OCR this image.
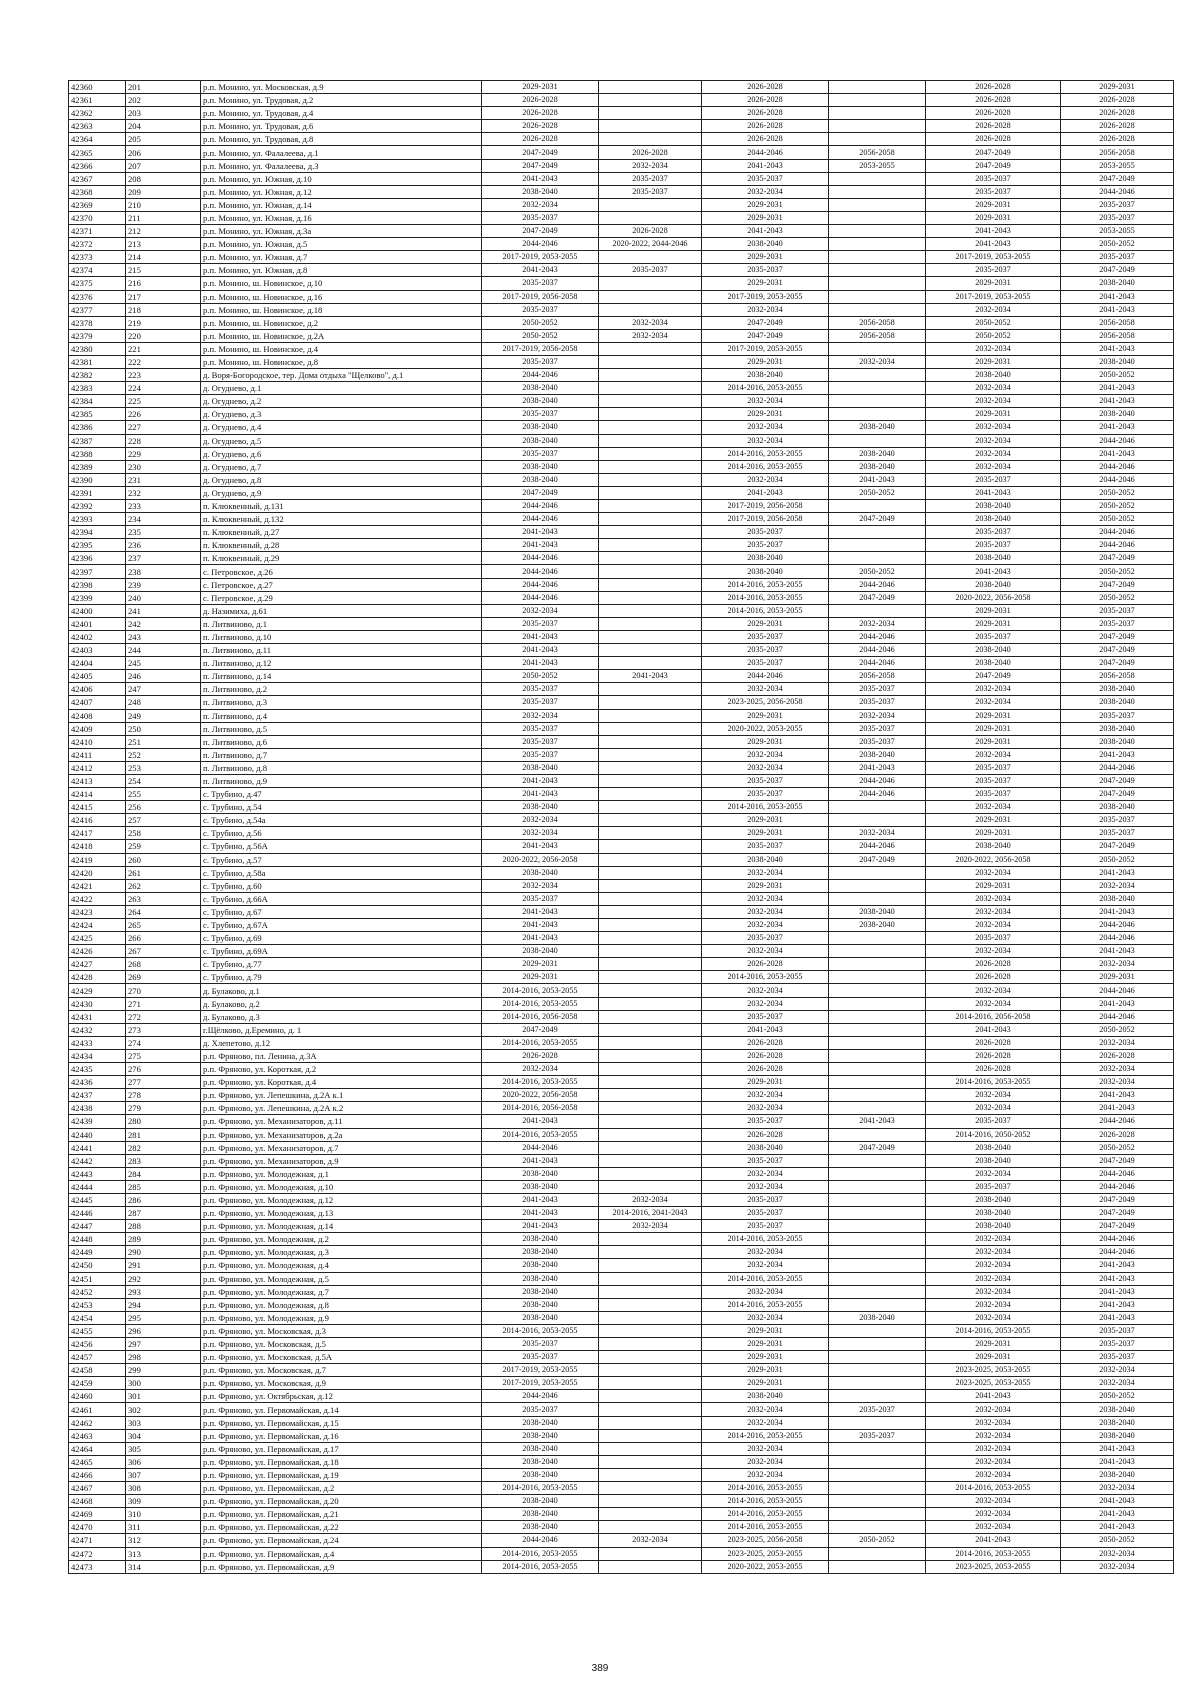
42360	201	р.п. Монино, ул. Московская, д.9	2029-2031		2026-2028		2026-2028	2029-2031
42361	202	р.п. Монино, ул. Трудовая, д.2	2026-2028		2026-2028		2026-2028	2026-2028
42362	203	р.п. Монино, ул. Трудовая, д.4	2026-2028		2026-2028		2026-2028	2026-2028
42363	204	р.п. Монино, ул. Трудовая, д.6	2026-2028		2026-2028		2026-2028	2026-2028
42364	205	р.п. Монино, ул. Трудовая, д.8	2026-2028		2026-2028		2026-2028	2026-2028
42365	206	р.п. Монино, ул. Фалалеева, д.1	2047-2049	2026-2028	2044-2046	2056-2058	2047-2049	2056-2058
42366	207	р.п. Монино, ул. Фалалеева, д.3	2047-2049	2032-2034	2041-2043	2053-2055	2047-2049	2053-2055
42367	208	р.п. Монино, ул. Южная, д.10	2041-2043	2035-2037	2035-2037		2035-2037	2047-2049
42368	209	р.п. Монино, ул. Южная, д.12	2038-2040	2035-2037	2032-2034		2035-2037	2044-2046
42369	210	р.п. Монино, ул. Южная, д.14	2032-2034		2029-2031		2029-2031	2035-2037
42370	211	р.п. Монино, ул. Южная, д.16	2035-2037		2029-2031		2029-2031	2035-2037
42371	212	р.п. Монино, ул. Южная, д.3а	2047-2049	2026-2028	2041-2043		2041-2043	2053-2055
42372	213	р.п. Монино, ул. Южная, д.5	2044-2046	2020-2022, 2044-2046	2038-2040		2041-2043	2050-2052
42373	214	р.п. Монино, ул. Южная, д.7	2017-2019, 2053-2055		2029-2031		2017-2019, 2053-2055	2035-2037
42374	215	р.п. Монино, ул. Южная, д.8	2041-2043	2035-2037	2035-2037		2035-2037	2047-2049
42375	216	р.п. Монино, ш. Новинское, д.10	2035-2037		2029-2031		2029-2031	2038-2040
42376	217	р.п. Монино, ш. Новинское, д.16	2017-2019, 2056-2058		2017-2019, 2053-2055		2017-2019, 2053-2055	2041-2043
42377	218	р.п. Монино, ш. Новинское, д.18	2035-2037		2032-2034		2032-2034	2041-2043
42378	219	р.п. Монино, ш. Новинское, д.2	2050-2052	2032-2034	2047-2049	2056-2058	2050-2052	2056-2058
42379	220	р.п. Монино, ш. Новинское, д.2А	2050-2052	2032-2034	2047-2049	2056-2058	2050-2052	2056-2058
42380	221	р.п. Монино, ш. Новинское, д.4	2017-2019, 2056-2058		2017-2019, 2053-2055		2032-2034	2041-2043
42381	222	р.п. Монино, ш. Новинское, д.8	2035-2037		2029-2031	2032-2034	2029-2031	2038-2040
42382	223	д. Воря-Богородское, тер. Дома отдыха "Щелково", д.1	2044-2046		2038-2040		2038-2040	2050-2052
42383	224	д. Огуднево, д.1	2038-2040		2014-2016, 2053-2055		2032-2034	2041-2043
42384	225	д. Огуднево, д.2	2038-2040		2032-2034		2032-2034	2041-2043
42385	226	д. Огуднево, д.3	2035-2037		2029-2031		2029-2031	2038-2040
42386	227	д. Огуднево, д.4	2038-2040		2032-2034	2038-2040	2032-2034	2041-2043
42387	228	д. Огуднево, д.5	2038-2040		2032-2034		2032-2034	2044-2046
42388	229	д. Огуднево, д.6	2035-2037		2014-2016, 2053-2055	2038-2040	2032-2034	2041-2043
42389	230	д. Огуднево, д.7	2038-2040		2014-2016, 2053-2055	2038-2040	2032-2034	2044-2046
42390	231	д. Огуднево, д.8	2038-2040		2032-2034	2041-2043	2035-2037	2044-2046
42391	232	д. Огуднево, д.9	2047-2049		2041-2043	2050-2052	2041-2043	2050-2052
42392	233	п. Клюквенный, д.131	2044-2046		2017-2019, 2056-2058		2038-2040	2050-2052
42393	234	п. Клюквенный, д.132	2044-2046		2017-2019, 2056-2058	2047-2049	2038-2040	2050-2052
42394	235	п. Клюквенный, д.27	2041-2043		2035-2037		2035-2037	2044-2046
42395	236	п. Клюквенный, д.28	2041-2043		2035-2037		2035-2037	2044-2046
42396	237	п. Клюквенный, д.29	2044-2046		2038-2040		2038-2040	2047-2049
42397	238	с. Петровское, д.26	2044-2046		2038-2040	2050-2052	2041-2043	2050-2052
42398	239	с. Петровское, д.27	2044-2046		2014-2016, 2053-2055	2044-2046	2038-2040	2047-2049
42399	240	с. Петровское, д.29	2044-2046		2014-2016, 2053-2055	2047-2049	2020-2022, 2056-2058	2050-2052
42400	241	д. Назимиха, д.61	2032-2034		2014-2016, 2053-2055		2029-2031	2035-2037
42401	242	п. Литвиново, д.1	2035-2037		2029-2031	2032-2034	2029-2031	2035-2037
42402	243	п. Литвиново, д.10	2041-2043		2035-2037	2044-2046	2035-2037	2047-2049
42403	244	п. Литвиново, д.11	2041-2043		2035-2037	2044-2046	2038-2040	2047-2049
42404	245	п. Литвиново, д.12	2041-2043		2035-2037	2044-2046	2038-2040	2047-2049
42405	246	п. Литвиново, д.14	2050-2052	2041-2043	2044-2046	2056-2058	2047-2049	2056-2058
42406	247	п. Литвиново, д.2	2035-2037		2032-2034	2035-2037	2032-2034	2038-2040
42407	248	п. Литвиново, д.3	2035-2037		2023-2025, 2056-2058	2035-2037	2032-2034	2038-2040
42408	249	п. Литвиново, д.4	2032-2034		2029-2031	2032-2034	2029-2031	2035-2037
42409	250	п. Литвиново, д.5	2035-2037		2020-2022, 2053-2055	2035-2037	2029-2031	2038-2040
42410	251	п. Литвиново, д.6	2035-2037		2029-2031	2035-2037	2029-2031	2038-2040
42411	252	п. Литвиново, д.7	2035-2037		2032-2034	2038-2040	2032-2034	2041-2043
42412	253	п. Литвиново, д.8	2038-2040		2032-2034	2041-2043	2035-2037	2044-2046
42413	254	п. Литвиново, д.9	2041-2043		2035-2037	2044-2046	2035-2037	2047-2049
42414	255	с. Трубино, д.47	2041-2043		2035-2037	2044-2046	2035-2037	2047-2049
42415	256	с. Трубино, д.54	2038-2040		2014-2016, 2053-2055		2032-2034	2038-2040
42416	257	с. Трубино, д.54а	2032-2034		2029-2031		2029-2031	2035-2037
42417	258	с. Трубино, д.56	2032-2034		2029-2031	2032-2034	2029-2031	2035-2037
42418	259	с. Трубино, д.56А	2041-2043		2035-2037	2044-2046	2038-2040	2047-2049
42419	260	с. Трубино, д.57	2020-2022, 2056-2058		2038-2040	2047-2049	2020-2022, 2056-2058	2050-2052
42420	261	с. Трубино, д.58а	2038-2040		2032-2034		2032-2034	2041-2043
42421	262	с. Трубино, д.60	2032-2034		2029-2031		2029-2031	2032-2034
42422	263	с. Трубино, д.66А	2035-2037		2032-2034		2032-2034	2038-2040
42423	264	с. Трубино, д.67	2041-2043		2032-2034	2038-2040	2032-2034	2041-2043
42424	265	с. Трубино, д.67А	2041-2043		2032-2034	2038-2040	2032-2034	2044-2046
42425	266	с. Трубино, д.69	2041-2043		2035-2037		2035-2037	2044-2046
42426	267	с. Трубино, д.69А	2038-2040		2032-2034		2032-2034	2041-2043
42427	268	с. Трубино, д.77	2029-2031		2026-2028		2026-2028	2032-2034
42428	269	с. Трубино, д.79	2029-2031		2014-2016, 2053-2055		2026-2028	2029-2031
42429	270	д. Булаково, д.1	2014-2016, 2053-2055		2032-2034		2032-2034	2044-2046
42430	271	д. Булаково, д.2	2014-2016, 2053-2055		2032-2034		2032-2034	2041-2043
42431	272	д. Булаково, д.3	2014-2016, 2056-2058		2035-2037		2014-2016, 2056-2058	2044-2046
42432	273	г.Щёлково, д.Еремино, д. 1	2047-2049		2041-2043		2041-2043	2050-2052
42433	274	д. Хлепетово, д.12	2014-2016, 2053-2055		2026-2028		2026-2028	2032-2034
42434	275	р.п. Фряново, пл. Ленина, д.3А	2026-2028		2026-2028		2026-2028	2026-2028
42435	276	р.п. Фряново, ул. Короткая, д.2	2032-2034		2026-2028		2026-2028	2032-2034
42436	277	р.п. Фряново, ул. Короткая, д.4	2014-2016, 2053-2055		2029-2031		2014-2016, 2053-2055	2032-2034
42437	278	р.п. Фряново, ул. Лепешкина, д.2А к.1	2020-2022, 2056-2058		2032-2034		2032-2034	2041-2043
42438	279	р.п. Фряново, ул. Лепешкина, д.2А к.2	2014-2016, 2056-2058		2032-2034		2032-2034	2041-2043
42439	280	р.п. Фряново, ул. Механизаторов, д.11	2041-2043		2035-2037	2041-2043	2035-2037	2044-2046
42440	281	р.п. Фряново, ул. Механизаторов, д.2а	2014-2016, 2053-2055		2026-2028		2014-2016, 2050-2052	2026-2028
42441	282	р.п. Фряново, ул. Механизаторов, д.7	2044-2046		2038-2040	2047-2049	2038-2040	2050-2052
42442	283	р.п. Фряново, ул. Механизаторов, д.9	2041-2043		2035-2037		2038-2040	2047-2049
42443	284	р.п. Фряново, ул. Молодежная, д.1	2038-2040		2032-2034		2032-2034	2044-2046
42444	285	р.п. Фряново, ул. Молодежная, д.10	2038-2040		2032-2034		2035-2037	2044-2046
42445	286	р.п. Фряново, ул. Молодежная, д.12	2041-2043	2032-2034	2035-2037		2038-2040	2047-2049
42446	287	р.п. Фряново, ул. Молодежная, д.13	2041-2043	2014-2016, 2041-2043	2035-2037		2038-2040	2047-2049
42447	288	р.п. Фряново, ул. Молодежная, д.14	2041-2043	2032-2034	2035-2037		2038-2040	2047-2049
42448	289	р.п. Фряново, ул. Молодежная, д.2	2038-2040		2014-2016, 2053-2055		2032-2034	2044-2046
42449	290	р.п. Фряново, ул. Молодежная, д.3	2038-2040		2032-2034		2032-2034	2044-2046
42450	291	р.п. Фряново, ул. Молодежная, д.4	2038-2040		2032-2034		2032-2034	2041-2043
42451	292	р.п. Фряново, ул. Молодежная, д.5	2038-2040		2014-2016, 2053-2055		2032-2034	2041-2043
42452	293	р.п. Фряново, ул. Молодежная, д.7	2038-2040		2032-2034		2032-2034	2041-2043
42453	294	р.п. Фряново, ул. Молодежная, д.8	2038-2040		2014-2016, 2053-2055		2032-2034	2041-2043
42454	295	р.п. Фряново, ул. Молодежная, д.9	2038-2040		2032-2034	2038-2040	2032-2034	2041-2043
42455	296	р.п. Фряново, ул. Московская, д.3	2014-2016, 2053-2055		2029-2031		2014-2016, 2053-2055	2035-2037
42456	297	р.п. Фряново, ул. Московская, д.5	2035-2037		2029-2031		2029-2031	2035-2037
42457	298	р.п. Фряново, ул. Московская, д.5А	2035-2037		2029-2031		2029-2031	2035-2037
42458	299	р.п. Фряново, ул. Московская, д.7	2017-2019, 2053-2055		2029-2031		2023-2025, 2053-2055	2032-2034
42459	300	р.п. Фряново, ул. Московская, д.9	2017-2019, 2053-2055		2029-2031		2023-2025, 2053-2055	2032-2034
42460	301	р.п. Фряново, ул. Октябрьская, д.12	2044-2046		2038-2040		2041-2043	2050-2052
42461	302	р.п. Фряново, ул. Первомайская, д.14	2035-2037		2032-2034	2035-2037	2032-2034	2038-2040
42462	303	р.п. Фряново, ул. Первомайская, д.15	2038-2040		2032-2034		2032-2034	2038-2040
42463	304	р.п. Фряново, ул. Первомайская, д.16	2038-2040		2014-2016, 2053-2055	2035-2037	2032-2034	2038-2040
42464	305	р.п. Фряново, ул. Первомайская, д.17	2038-2040		2032-2034		2032-2034	2041-2043
42465	306	р.п. Фряново, ул. Первомайская, д.18	2038-2040		2032-2034		2032-2034	2041-2043
42466	307	р.п. Фряново, ул. Первомайская, д.19	2038-2040		2032-2034		2032-2034	2038-2040
42467	308	р.п. Фряново, ул. Первомайская, д.2	2014-2016, 2053-2055		2014-2016, 2053-2055		2014-2016, 2053-2055	2032-2034
42468	309	р.п. Фряново, ул. Первомайская, д.20	2038-2040		2014-2016, 2053-2055		2032-2034	2041-2043
42469	310	р.п. Фряново, ул. Первомайская, д.21	2038-2040		2014-2016, 2053-2055		2032-2034	2041-2043
42470	311	р.п. Фряново, ул. Первомайская, д.22	2038-2040		2014-2016, 2053-2055		2032-2034	2041-2043
42471	312	р.п. Фряново, ул. Первомайская, д.24	2044-2046	2032-2034	2023-2025, 2056-2058	2050-2052	2041-2043	2050-2052
42472	313	р.п. Фряново, ул. Первомайская, д.4	2014-2016, 2053-2055		2023-2025, 2053-2055		2014-2016, 2053-2055	2032-2034
42473	314	р.п. Фряново, ул. Первомайская, д.9	2014-2016, 2053-2055		2020-2022, 2053-2055		2023-2025, 2053-2055	2032-2034
389
